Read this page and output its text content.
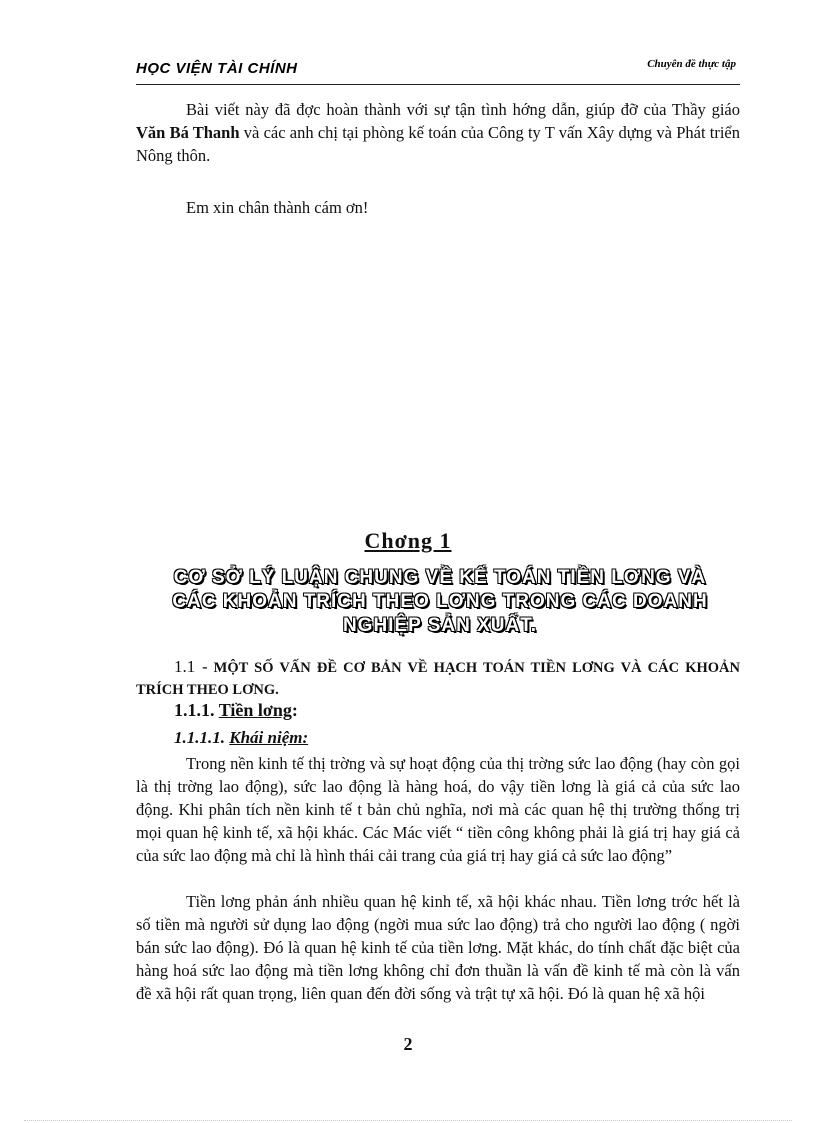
HỌC VIỆN TÀI CHÍNH	Chuyên đề thực tập
Bài viết này đã đợc hoàn thành với sự tận tình hớng dẫn, giúp đỡ của Thầy giáo Văn Bá Thanh và các anh chị tại phòng kế toán của Công ty T vấn Xây dựng và Phát triển Nông thôn.
Em xin chân thành cám ơn!
Chơng 1
CƠ SỞ LÝ LUẬN CHUNG VỀ KẾ TOÁN TIỀN LƠNG VÀ CÁC KHOẢN TRÍCH THEO LƠNG TRONG CÁC DOANH NGHIỆP SẢN XUẤT.
1.1 - MỘT SỐ VẤN ĐỀ CƠ BẢN VỀ HẠCH TOÁN TIỀN LƠNG VÀ CÁC KHOẢN TRÍCH THEO LƠNG.
1.1.1. Tiền lơng:
1.1.1.1. Khái niệm:
Trong nền kinh tế thị trờng và sự hoạt động của thị trờng sức lao động (hay còn gọi là thị trờng lao động), sức lao động là hàng hoá, do vậy tiền lơng là giá cả của sức lao động. Khi phân tích nền kinh tế t bản chủ nghĩa, nơi mà các quan hệ thị trường thống trị mọi quan hệ kinh tế, xã hội khác. Các Mác viết “ tiền công không phải là giá trị hay giá cả của sức lao động mà chỉ là hình thái cải trang của giá trị hay giá cả sức lao động”
Tiền lơng phản ánh nhiều quan hệ kinh tế, xã hội khác nhau. Tiền lơng trớc hết là số tiền mà người sử dụng lao động (ngời mua sức lao động) trả cho người lao động ( ngời bán sức lao động). Đó là quan hệ kinh tế của tiền lơng. Mặt khác, do tính chất đặc biệt của hàng hoá sức lao động mà tiền lơng không chỉ đơn thuần là vấn đề kinh tế mà còn là vấn đề xã hội rất quan trọng, liên quan đến đời sống và trật tự xã hội. Đó là quan hệ xã hội
2
